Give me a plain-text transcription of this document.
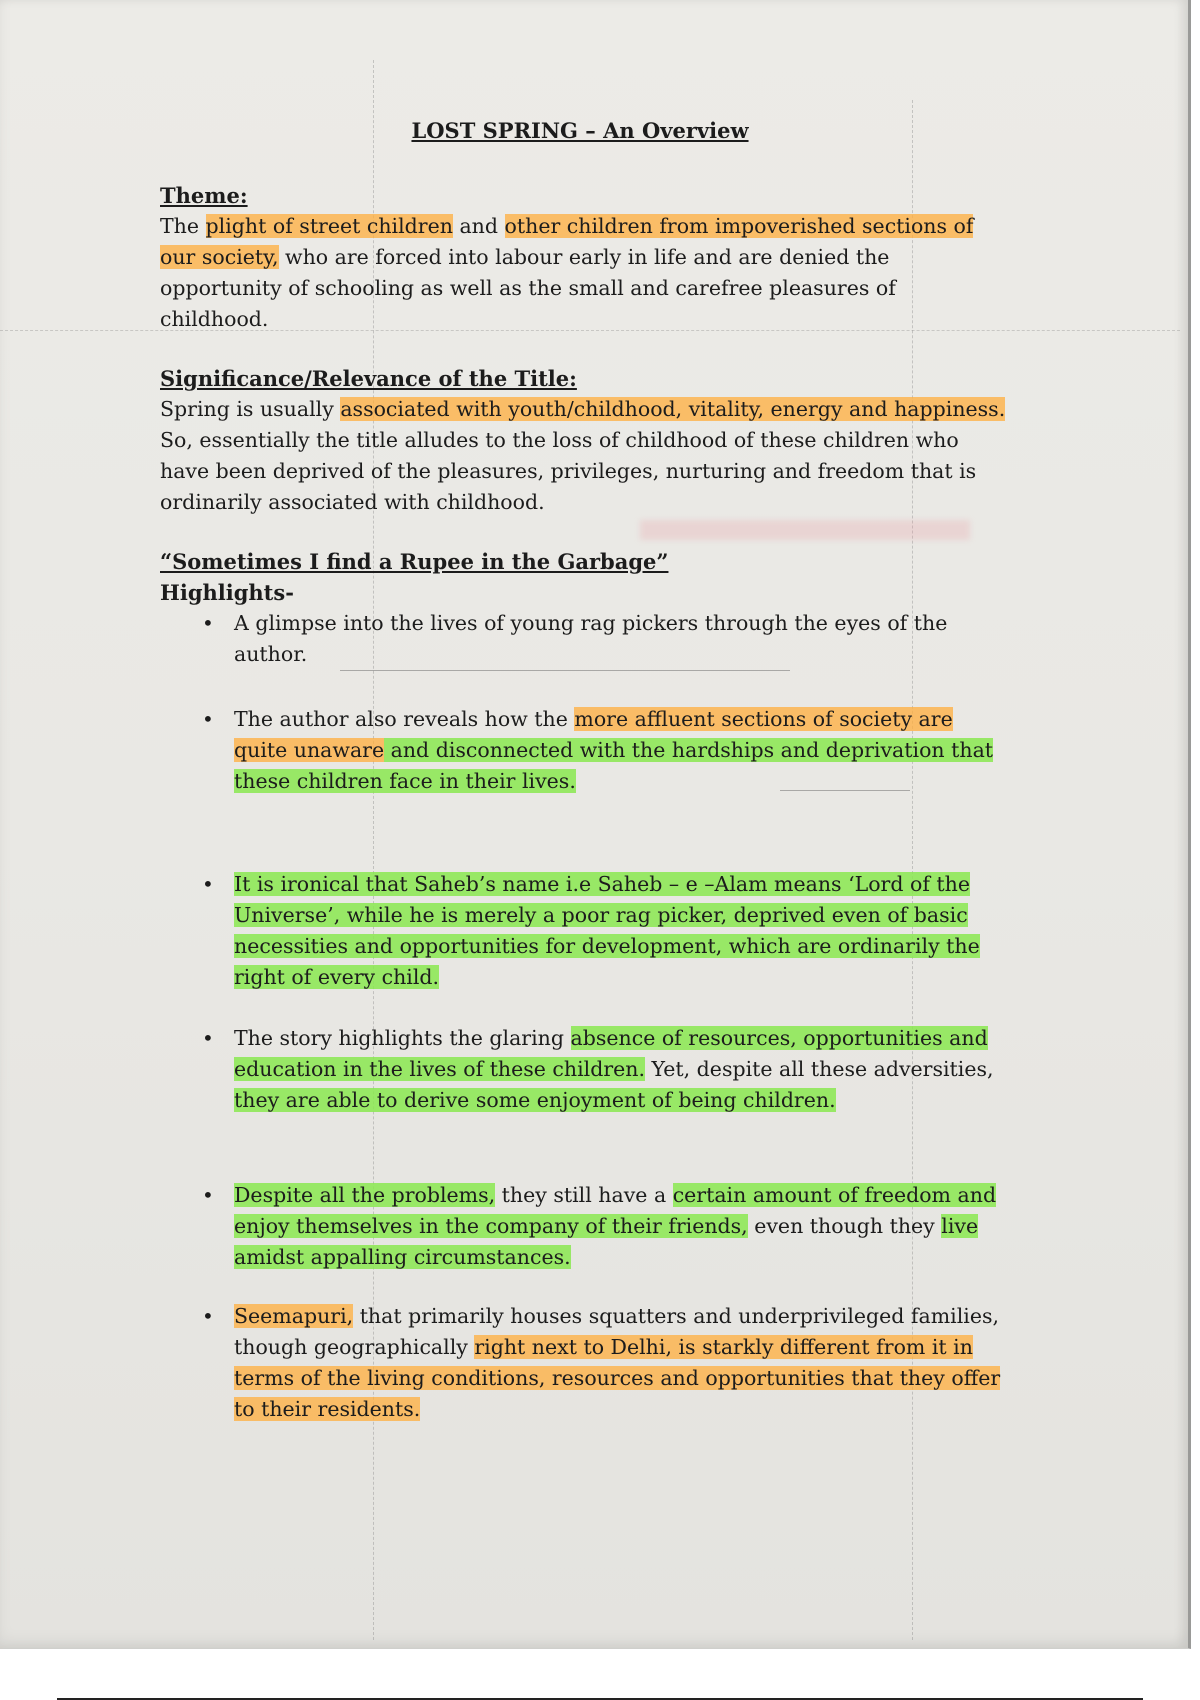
LOST SPRING – An Overview

Theme:

The plight of street children and other children from impoverished sections of our society, who are forced into labour early in life and are denied the opportunity of schooling as well as the small and carefree pleasures of childhood.

Significance/Relevance of the Title:

Spring is usually associated with youth/childhood, vitality, energy and happiness. So, essentially the title alludes to the loss of childhood of these children who have been deprived of the pleasures, privileges, nurturing and freedom that is ordinarily associated with childhood.

“Sometimes I find a Rupee in the Garbage”

Highlights-

• A glimpse into the lives of young rag pickers through the eyes of the author.
• The author also reveals how the more affluent sections of society are quite unaware and disconnected with the hardships and deprivation that these children face in their lives.
• It is ironical that Saheb’s name i.e Saheb – e –Alam means ‘Lord of the Universe’, while he is merely a poor rag picker, deprived even of basic necessities and opportunities for development, which are ordinarily the right of every child.
• The story highlights the glaring absence of resources, opportunities and education in the lives of these children. Yet, despite all these adversities, they are able to derive some enjoyment of being children.
• Despite all the problems, they still have a certain amount of freedom and enjoy themselves in the company of their friends, even though they live amidst appalling circumstances.
• Seemapuri, that primarily houses squatters and underprivileged families, though geographically right next to Delhi, is starkly different from it in terms of the living conditions, resources and opportunities that they offer to their residents.
